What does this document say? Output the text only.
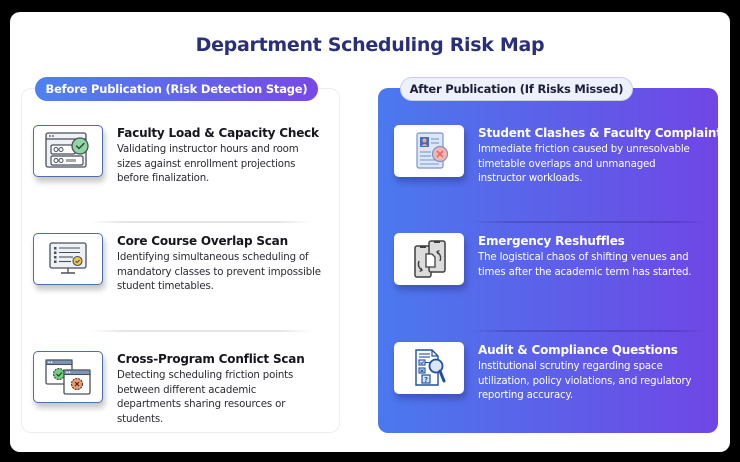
Department Scheduling Risk Map
Before Publication (Risk Detection Stage)
Faculty Load & Capacity Check
Validating instructor hours and room sizes against enrollment projections before finalization.
Core Course Overlap Scan
Identifying simultaneous scheduling of mandatory classes to prevent impossible student timetables.
Cross-Program Conflict Scan
Detecting scheduling friction points between different academic departments sharing resources or students.
After Publication (If Risks Missed)
Student Clashes & Faculty Complaints
Immediate friction caused by unresolvable timetable overlaps and unmanaged instructor workloads.
Emergency Reshuffles
The logistical chaos of shifting venues and times after the academic term has started.
?
Audit & Compliance Questions
Institutional scrutiny regarding space utilization, policy violations, and regulatory reporting accuracy.
